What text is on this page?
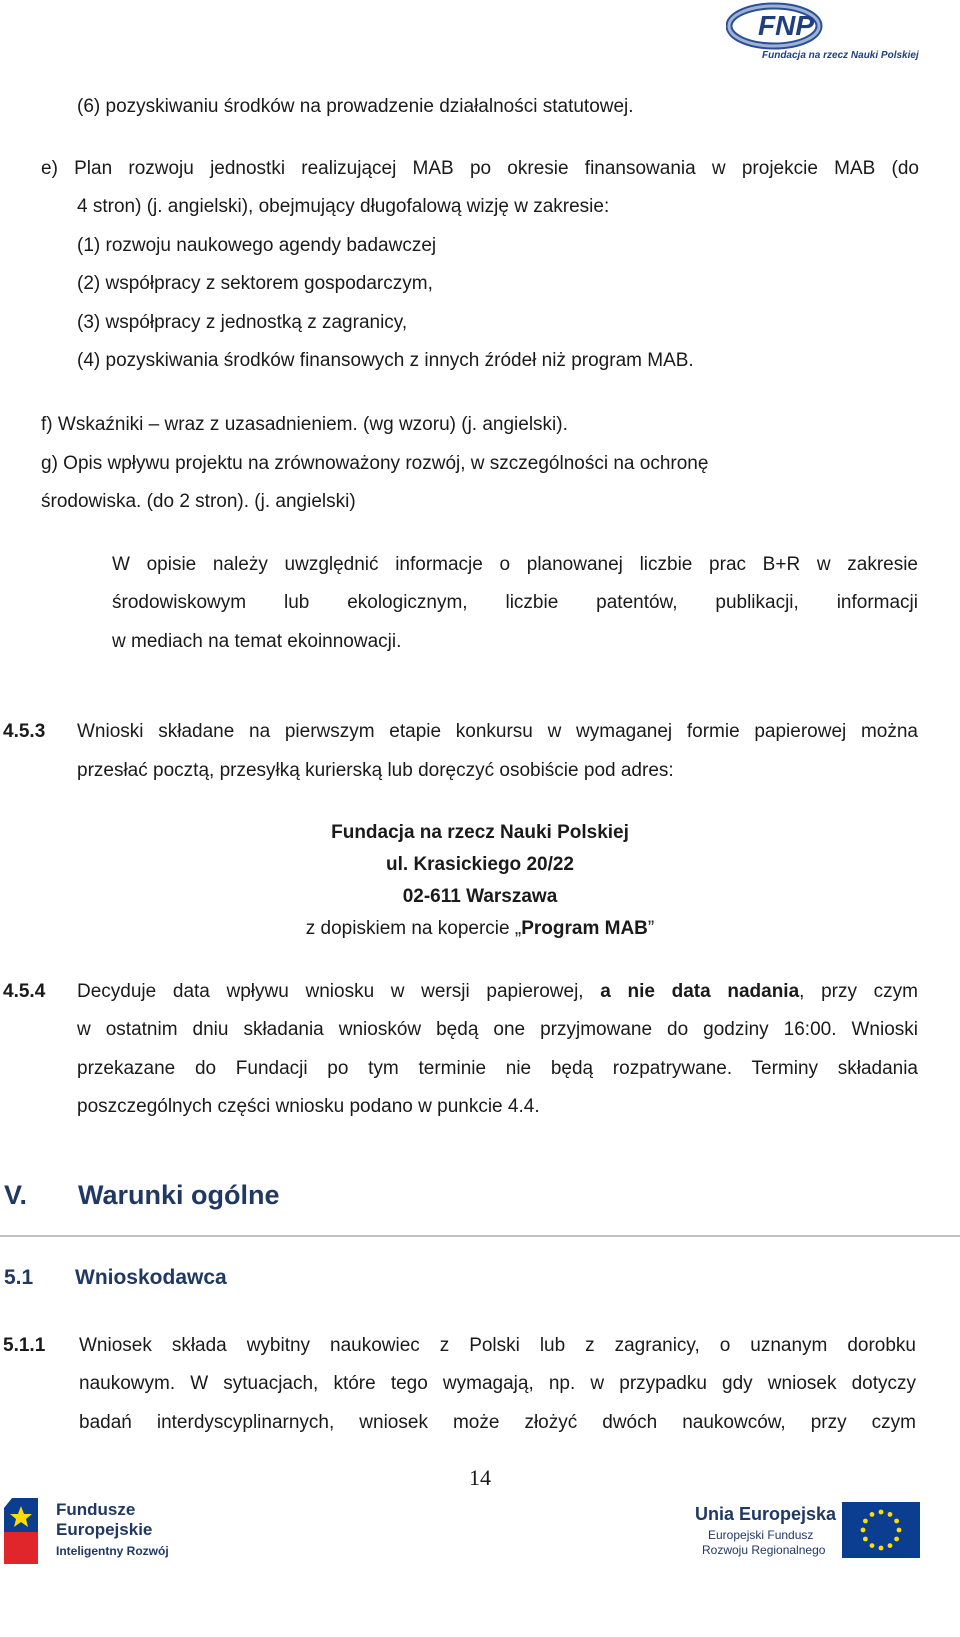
FNP
Fundacja na rzecz Nauki Polskiej
(6) pozyskiwaniu środków na prowadzenie działalności statutowej.
e) Plan rozwoju jednostki realizującej MAB po okresie finansowania w projekcie MAB (do
4 stron) (j. angielski), obejmujący długofalową wizję w zakresie:
(1) rozwoju naukowego agendy badawczej
(2) współpracy z sektorem gospodarczym,
(3) współpracy z jednostką z zagranicy,
(4) pozyskiwania środków finansowych z innych źródeł niż program MAB.
f) Wskaźniki – wraz z uzasadnieniem. (wg wzoru) (j. angielski).
g) Opis wpływu projektu na zrównoważony rozwój, w szczególności na ochronę
środowiska. (do 2 stron). (j. angielski)
W opisie należy uwzględnić informacje o planowanej liczbie prac B+R w zakresie
środowiskowym lub ekologicznym, liczbie patentów, publikacji, informacji
w mediach na temat ekoinnowacji.
4.5.3 Wnioski składane na pierwszym etapie konkursu w wymaganej formie papierowej można
przesłać pocztą, przesyłką kurierską lub doręczyć osobiście pod adres:
Fundacja na rzecz Nauki Polskiej
ul. Krasickiego 20/22
02-611 Warszawa
z dopiskiem na kopercie „Program MAB”
4.5.4 Decyduje data wpływu wniosku w wersji papierowej, a nie data nadania, przy czym
w ostatnim dniu składania wniosków będą one przyjmowane do godziny 16:00. Wnioski
przekazane do Fundacji po tym terminie nie będą rozpatrywane. Terminy składania
poszczególnych części wniosku podano w punkcie 4.4.
V. Warunki ogólne
5.1 Wnioskodawca
5.1.1 Wniosek składa wybitny naukowiec z Polski lub z zagranicy, o uznanym dorobku
naukowym. W sytuacjach, które tego wymagają, np. w przypadku gdy wniosek dotyczy
badań interdyscyplinarnych, wniosek może złożyć dwóch naukowców, przy czym
14
Fundusze
Europejskie
Inteligentny Rozwój
Unia Europejska
Europejski Fundusz
Rozwoju Regionalnego
